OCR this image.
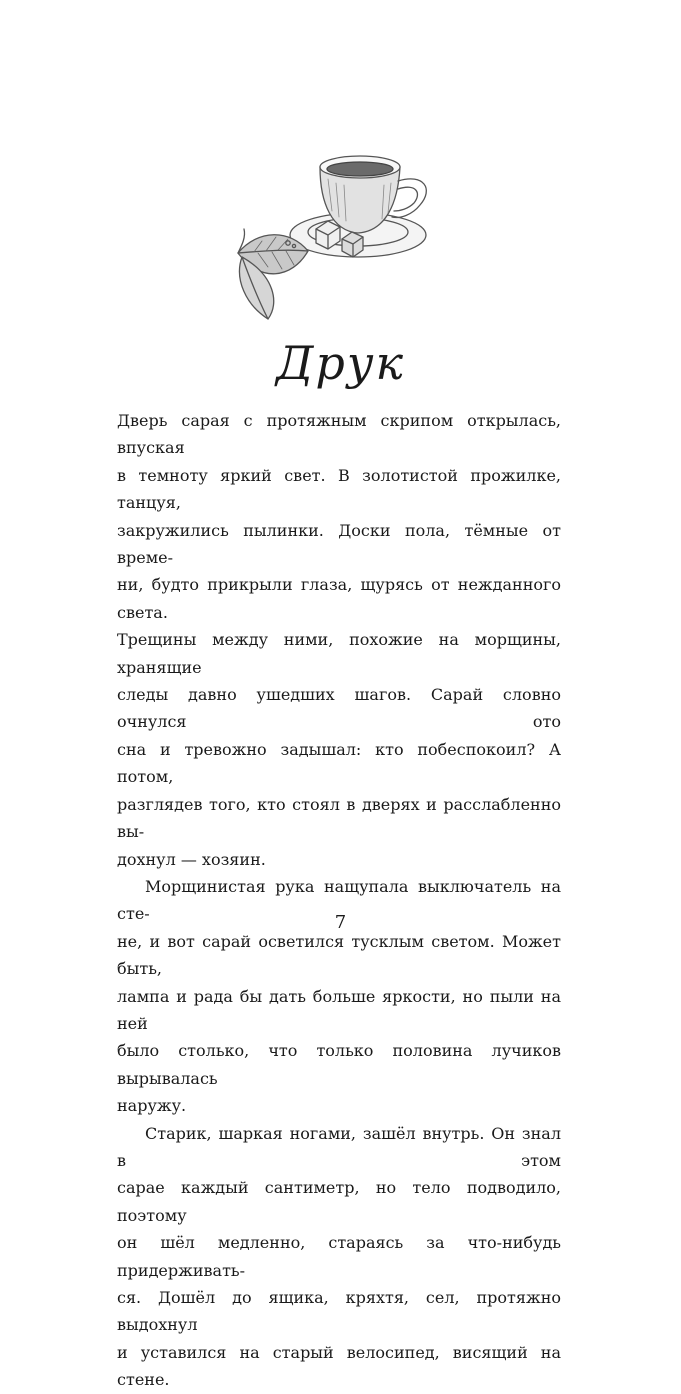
Друк

Дверь сарая с протяжным скрипом открылась, впуская

в темноту яркий свет. В золотистой прожилке, танцуя,

закружились пылинки. Доски пола, тёмные от време-

ни, будто прикрыли глаза, щурясь от нежданного света.

Трещины между ними, похожие на морщины, хранящие

следы давно ушедших шагов. Сарай словно очнулся ото

сна и тревожно задышал: кто побеспокоил? А потом,

разглядев того, кто стоял в дверях и расслабленно вы-

дохнул — хозяин.

Морщинистая рука нащупала выключатель на сте-

не, и вот сарай осветился тусклым светом. Может быть,

лампа и рада бы дать больше яркости, но пыли на ней

было столько, что только половина лучиков вырывалась

наружу.

Старик, шаркая ногами, зашёл внутрь. Он знал в этом

сарае каждый сантиметр, но тело подводило, поэтому

он шёл медленно, стараясь за что-нибудь придерживать-

ся. Дошёл до ящика, кряхтя, сел, протяжно выдохнул

и уставился на старый велосипед, висящий на стене.

7
